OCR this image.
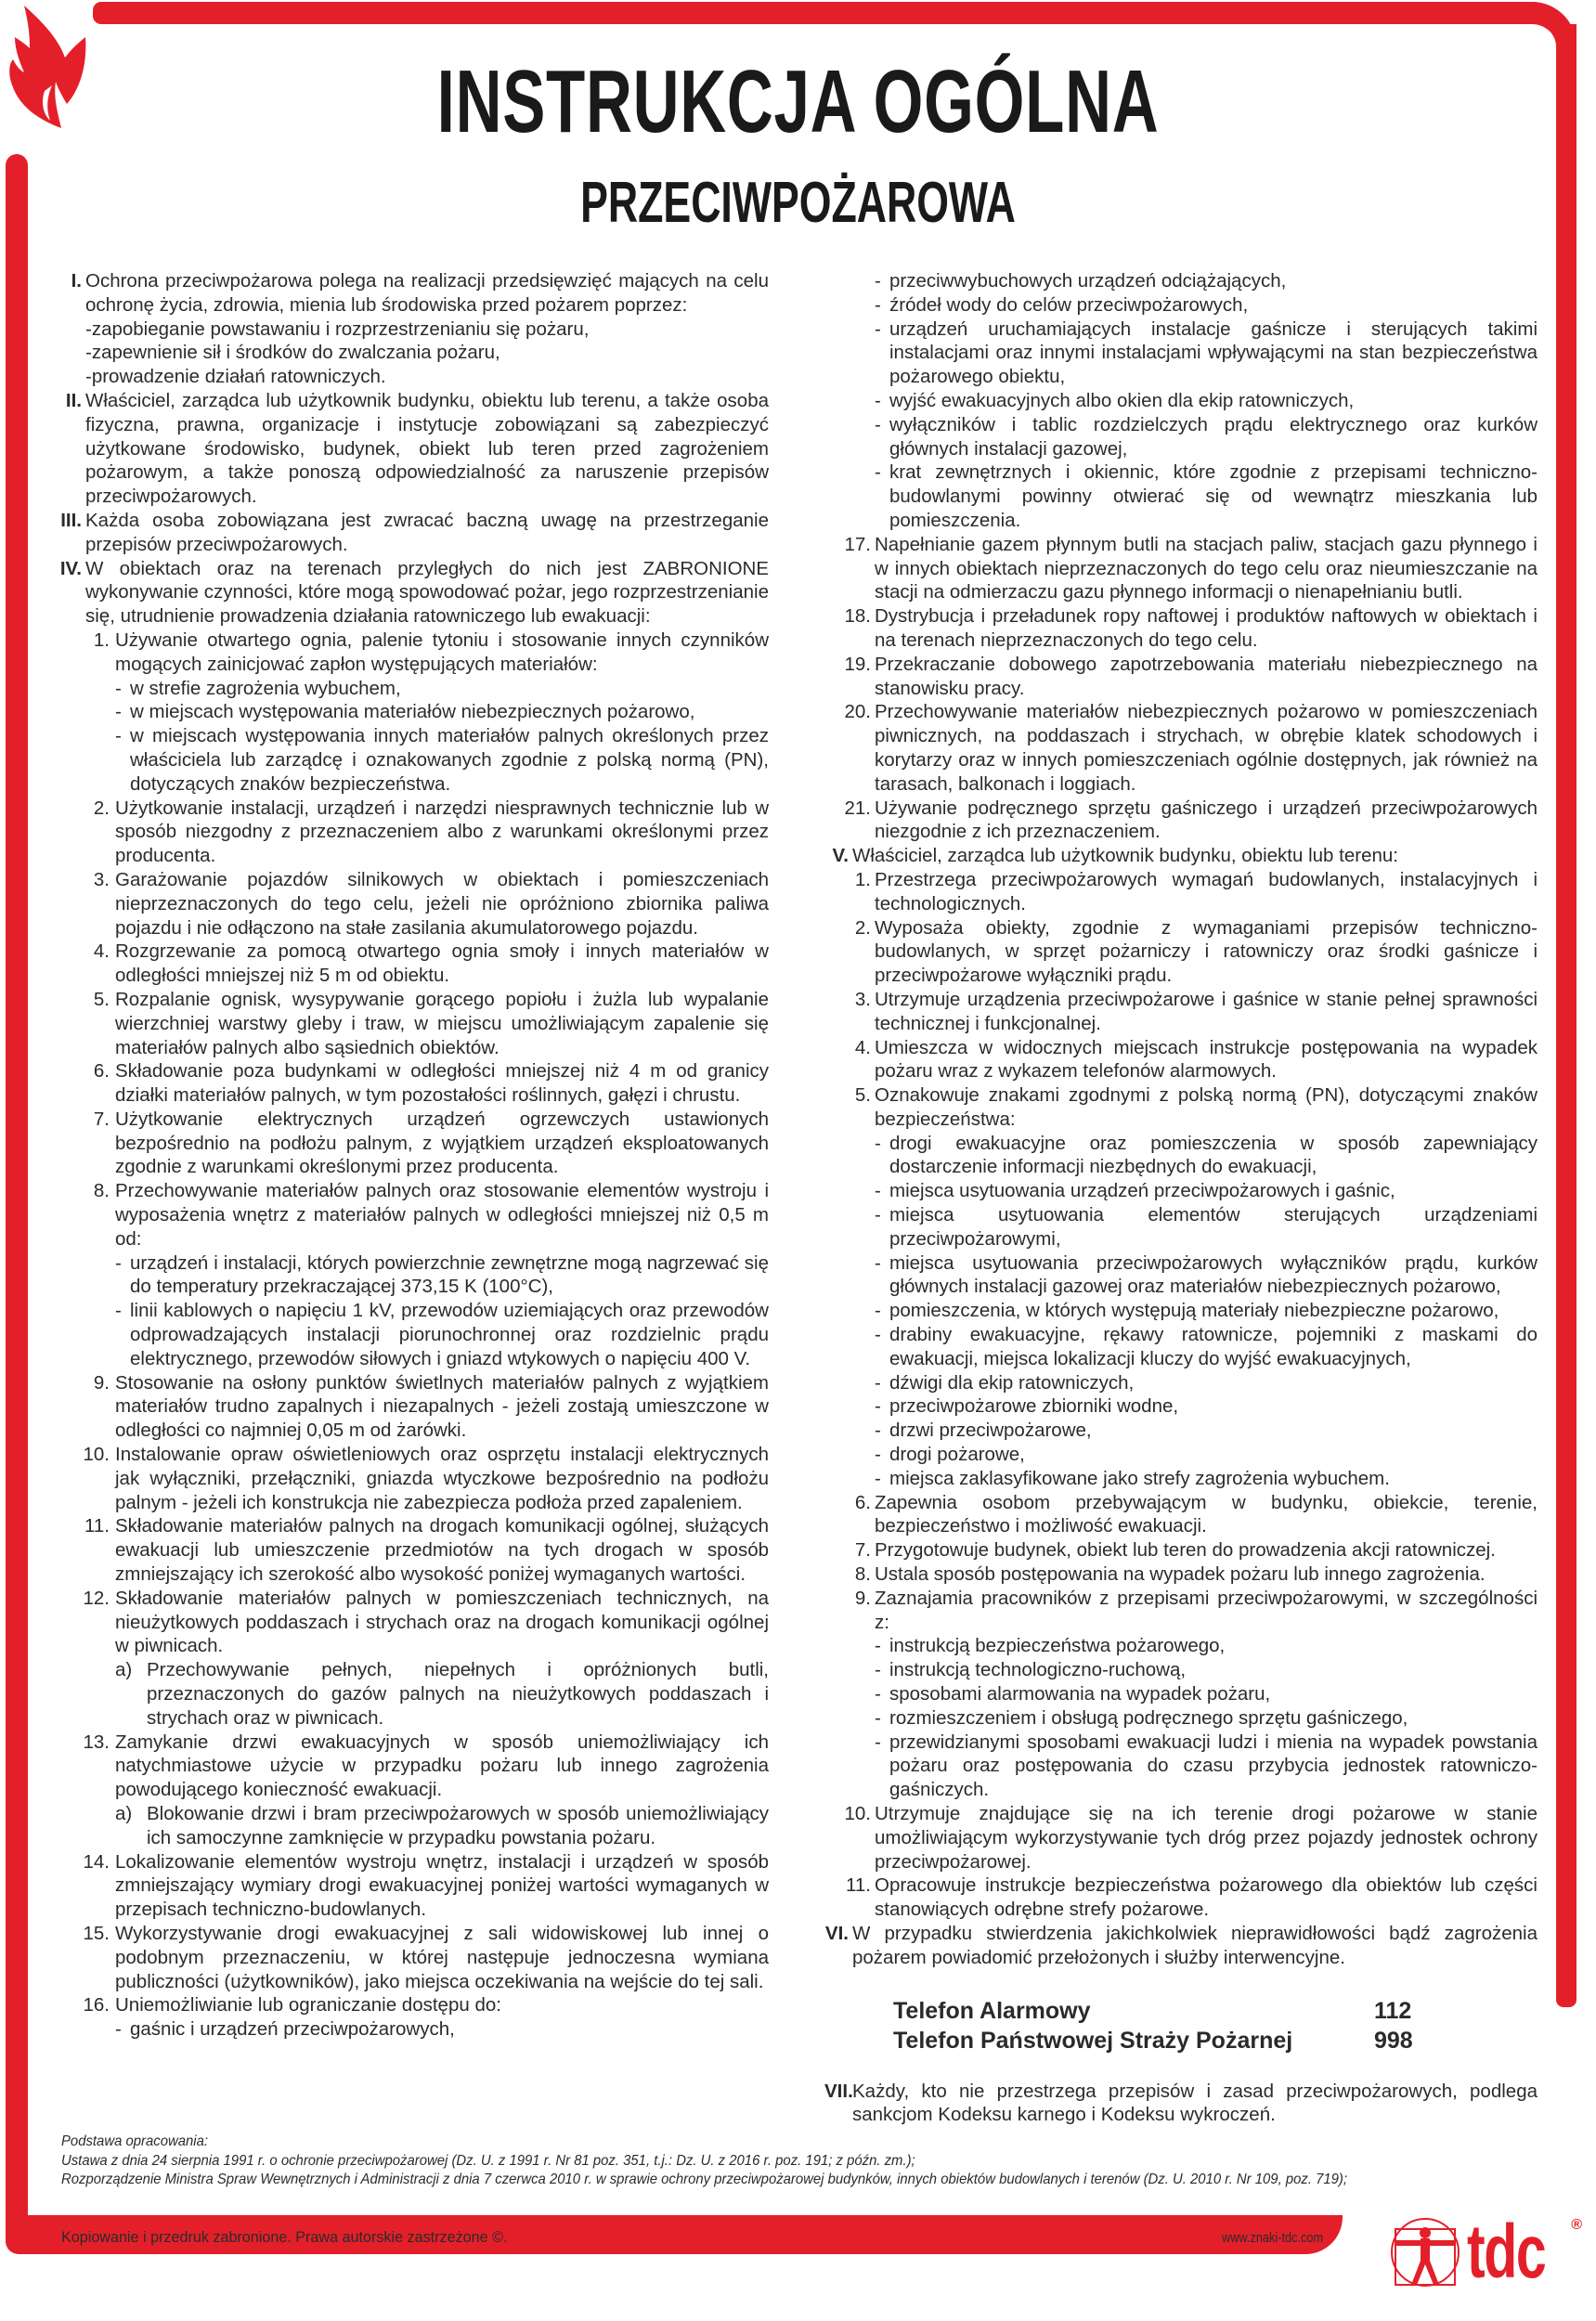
INSTRUKCJA OGÓLNA
PRZECIWPOŻAROWA
I. Ochrona przeciwpożarowa polega na realizacji przedsięwzięć mających na celu ochronę życia, zdrowia, mienia lub środowiska przed pożarem poprzez:
-zapobieganie powstawaniu i rozprzestrzenianiu się pożaru,
-zapewnienie sił i środków do zwalczania pożaru,
-prowadzenie działań ratowniczych.
II. Właściciel, zarządca lub użytkownik budynku, obiektu lub terenu, a także osoba fizyczna, prawna, organizacje i instytucje zobowiązani są zabezpieczyć użytkowane środowisko, budynek, obiekt lub teren przed zagrożeniem pożarowym, a także ponoszą odpowiedzialność za naruszenie przepisów przeciwpożarowych.
III. Każda osoba zobowiązana jest zwracać baczną uwagę na przestrzeganie przepisów przeciwpożarowych.
IV. W obiektach oraz na terenach przyległych do nich jest ZABRONIONE wykonywanie czynności, które mogą spowodować pożar, jego rozprzestrzenianie się, utrudnienie prowadzenia działania ratowniczego lub ewakuacji:
1. Używanie otwartego ognia, palenie tytoniu i stosowanie innych czynników mogących zainicjować zapłon występujących materiałów:
- w strefie zagrożenia wybuchem,
- w miejscach występowania materiałów niebezpiecznych pożarowo,
- w miejscach występowania innych materiałów palnych określonych przez właściciela lub zarządcę i oznakowanych zgodnie z polską normą (PN), dotyczących znaków bezpieczeństwa.
2. Użytkowanie instalacji, urządzeń i narzędzi niesprawnych technicznie lub w sposób niezgodny z przeznaczeniem albo z warunkami określonymi przez producenta.
3. Garażowanie pojazdów silnikowych w obiektach i pomieszczeniach nieprzeznaczonych do tego celu, jeżeli nie opróżniono zbiornika paliwa pojazdu i nie odłączono na stałe zasilania akumulatorowego pojazdu.
4. Rozgrzewanie za pomocą otwartego ognia smoły i innych materiałów w odległości mniejszej niż 5 m od obiektu.
5. Rozpalanie ognisk, wysypywanie gorącego popiołu i żużla lub wypalanie wierzchniej warstwy gleby i traw, w miejscu umożliwiającym zapalenie się materiałów palnych albo sąsiednich obiektów.
6. Składowanie poza budynkami w odległości mniejszej niż 4 m od granicy działki materiałów palnych, w tym pozostałości roślinnych, gałęzi i chrustu.
7. Użytkowanie elektrycznych urządzeń ogrzewczych ustawionych bezpośrednio na podłożu palnym, z wyjątkiem urządzeń eksploatowanych zgodnie z warunkami określonymi przez producenta.
8. Przechowywanie materiałów palnych oraz stosowanie elementów wystroju i wyposażenia wnętrz z materiałów palnych w odległości mniejszej niż 0,5 m od:
- urządzeń i instalacji, których powierzchnie zewnętrzne mogą nagrzewać się do temperatury przekraczającej 373,15 K (100°C),
- linii kablowych o napięciu 1 kV, przewodów uziemiających oraz przewodów odprowadzających instalacji piorunochronnej oraz rozdzielnic prądu elektrycznego, przewodów siłowych i gniazd wtykowych o napięciu 400 V.
9. Stosowanie na osłony punktów świetlnych materiałów palnych z wyjątkiem materiałów trudno zapalnych i niezapalnych - jeżeli zostają umieszczone w odległości co najmniej 0,05 m od żarówki.
10. Instalowanie opraw oświetleniowych oraz osprzętu instalacji elektrycznych jak wyłączniki, przełączniki, gniazda wtyczkowe bezpośrednio na podłożu palnym - jeżeli ich konstrukcja nie zabezpiecza podłoża przed zapaleniem.
11. Składowanie materiałów palnych na drogach komunikacji ogólnej, służących ewakuacji lub umieszczenie przedmiotów na tych drogach w sposób zmniejszający ich szerokość albo wysokość poniżej wymaganych wartości.
12. Składowanie materiałów palnych w pomieszczeniach technicznych, na nieużytkowych poddaszach i strychach oraz na drogach komunikacji ogólnej w piwnicach.
a) Przechowywanie pełnych, niepełnych i opróżnionych butli, przeznaczonych do gazów palnych na nieużytkowych poddaszach i strychach oraz w piwnicach.
13. Zamykanie drzwi ewakuacyjnych w sposób uniemożliwiający ich natychmiastowe użycie w przypadku pożaru lub innego zagrożenia powodującego konieczność ewakuacji.
a) Blokowanie drzwi i bram przeciwpożarowych w sposób uniemożliwiający ich samoczynne zamknięcie w przypadku powstania pożaru.
14. Lokalizowanie elementów wystroju wnętrz, instalacji i urządzeń w sposób zmniejszający wymiary drogi ewakuacyjnej poniżej wartości wymaganych w przepisach techniczno-budowlanych.
15. Wykorzystywanie drogi ewakuacyjnej z sali widowiskowej lub innej o podobnym przeznaczeniu, w której następuje jednoczesna wymiana publiczności (użytkowników), jako miejsca oczekiwania na wejście do tej sali.
16. Uniemożliwianie lub ograniczanie dostępu do:
- gaśnic i urządzeń przeciwpożarowych,
- przeciwwybuchowych urządzeń odciążających,
- źródeł wody do celów przeciwpożarowych,
- urządzeń uruchamiających instalacje gaśnicze i sterujących takimi instalacjami oraz innymi instalacjami wpływającymi na stan bezpieczeństwa pożarowego obiektu,
- wyjść ewakuacyjnych albo okien dla ekip ratowniczych,
- wyłączników i tablic rozdzielczych prądu elektrycznego oraz kurków głównych instalacji gazowej,
- krat zewnętrznych i okiennic, które zgodnie z przepisami techniczno-budowlanymi powinny otwierać się od wewnątrz mieszkania lub pomieszczenia.
17. Napełnianie gazem płynnym butli na stacjach paliw, stacjach gazu płynnego i w innych obiektach nieprzeznaczonych do tego celu oraz nieumieszczanie na stacji na odmierzaczu gazu płynnego informacji o nienapełnianiu butli.
18. Dystrybucja i przeładunek ropy naftowej i produktów naftowych w obiektach i na terenach nieprzeznaczonych do tego celu.
19. Przekraczanie dobowego zapotrzebowania materiału niebezpiecznego na stanowisku pracy.
20. Przechowywanie materiałów niebezpiecznych pożarowo w pomieszczeniach piwnicznych, na poddaszach i strychach, w obrębie klatek schodowych i korytarzy oraz w innych pomieszczeniach ogólnie dostępnych, jak również na tarasach, balkonach i loggiach.
21. Używanie podręcznego sprzętu gaśniczego i urządzeń przeciwpożarowych niezgodnie z ich przeznaczeniem.
V. Właściciel, zarządca lub użytkownik budynku, obiektu lub terenu:
1. Przestrzega przeciwpożarowych wymagań budowlanych, instalacyjnych i technologicznych.
2. Wyposaża obiekty, zgodnie z wymaganiami przepisów techniczno-budowlanych, w sprzęt pożarniczy i ratowniczy oraz środki gaśnicze i przeciwpożarowe wyłączniki prądu.
3. Utrzymuje urządzenia przeciwpożarowe i gaśnice w stanie pełnej sprawności technicznej i funkcjonalnej.
4. Umieszcza w widocznych miejscach instrukcje postępowania na wypadek pożaru wraz z wykazem telefonów alarmowych.
5. Oznakowuje znakami zgodnymi z polską normą (PN), dotyczącymi znaków bezpieczeństwa:
- drogi ewakuacyjne oraz pomieszczenia w sposób zapewniający dostarczenie informacji niezbędnych do ewakuacji,
- miejsca usytuowania urządzeń przeciwpożarowych i gaśnic,
- miejsca usytuowania elementów sterujących urządzeniami przeciwpożarowymi,
- miejsca usytuowania przeciwpożarowych wyłączników prądu, kurków głównych instalacji gazowej oraz materiałów niebezpiecznych pożarowo,
- pomieszczenia, w których występują materiały niebezpieczne pożarowo,
- drabiny ewakuacyjne, rękawy ratownicze, pojemniki z maskami do ewakuacji, miejsca lokalizacji kluczy do wyjść ewakuacyjnych,
- dźwigi dla ekip ratowniczych,
- przeciwpożarowe zbiorniki wodne,
- drzwi przeciwpożarowe,
- drogi pożarowe,
- miejsca zaklasyfikowane jako strefy zagrożenia wybuchem.
6. Zapewnia osobom przebywającym w budynku, obiekcie, terenie, bezpieczeństwo i możliwość ewakuacji.
7. Przygotowuje budynek, obiekt lub teren do prowadzenia akcji ratowniczej.
8. Ustala sposób postępowania na wypadek pożaru lub innego zagrożenia.
9. Zaznajamia pracowników z przepisami przeciwpożarowymi, w szczególności z:
- instrukcją bezpieczeństwa pożarowego,
- instrukcją technologiczno-ruchową,
- sposobami alarmowania na wypadek pożaru,
- rozmieszczeniem i obsługą podręcznego sprzętu gaśniczego,
- przewidzianymi sposobami ewakuacji ludzi i mienia na wypadek powstania pożaru oraz postępowania do czasu przybycia jednostek ratowniczo-gaśniczych.
10. Utrzymuje znajdujące się na ich terenie drogi pożarowe w stanie umożliwiającym wykorzystywanie tych dróg przez pojazdy jednostek ochrony przeciwpożarowej.
11. Opracowuje instrukcje bezpieczeństwa pożarowego dla obiektów lub części stanowiących odrębne strefy pożarowe.
VI. W przypadku stwierdzenia jakichkolwiek nieprawidłowości bądź zagrożenia pożarem powiadomić przełożonych i służby interwencyjne.
Telefon Alarmowy	112
Telefon Państwowej Straży Pożarnej	998
VII. Każdy, kto nie przestrzega przepisów i zasad przeciwpożarowych, podlega sankcjom Kodeksu karnego i Kodeksu wykroczeń.
Podstawa opracowania:
Ustawa z dnia 24 sierpnia 1991 r. o ochronie przeciwpożarowej (Dz. U. z 1991 r. Nr 81 poz. 351, t.j.: Dz. U. z 2016 r. poz. 191; z późn. zm.);
Rozporządzenie Ministra Spraw Wewnętrznych i Administracji z dnia 7 czerwca 2010 r. w sprawie ochrony przeciwpożarowej budynków, innych obiektów budowlanych i terenów (Dz. U. 2010 r. Nr 109, poz. 719);
Kopiowanie i przedruk zabronione. Prawa autorskie zastrzeżone ©.	www.znaki-tdc.com tdc ®
